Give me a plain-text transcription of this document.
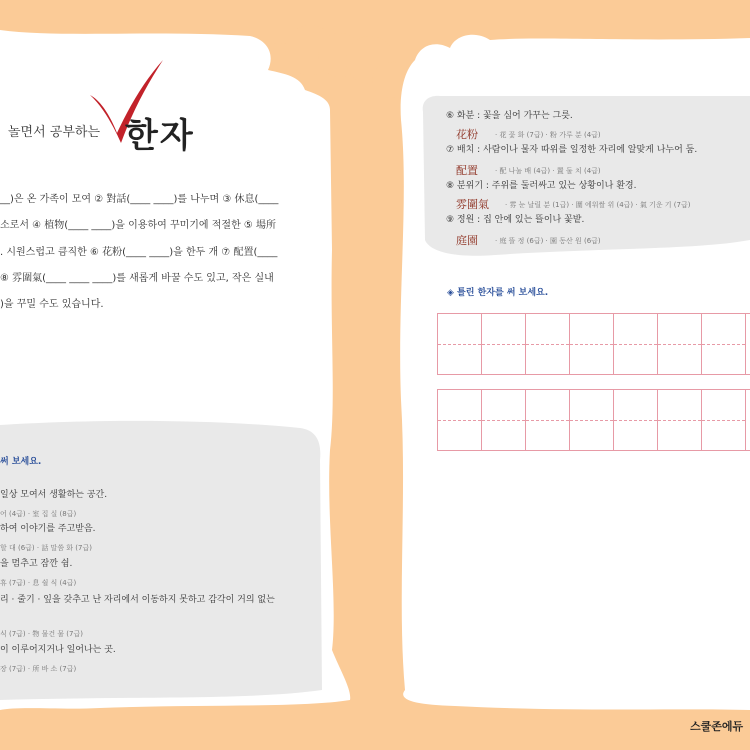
놀면서 공부하는 한자
__)은 온 가족이 모여 ② 對話(____ ____)를 나누며 ③ 休息(____
소로서 ④ 植物(____ ____)을 이용하여 꾸미기에 적절한 ⑤ 場所
. 시원스럽고 큼직한 ⑥ 花粉(____ ____)을 한두 개 ⑦ 配置(____
⑧ 雰圍氣(____ ____ ____)를 새롭게 바꿀 수도 있고, 작은 실내
)을 꾸밀 수도 있습니다.
써 보세요.
일상 모여서 생활하는 공간.
어 (4급) · 室 집 실 (8급)
하여 이야기를 주고받음.
할 대 (6급) · 話 말씀 화 (7급)
을 멈추고 잠깐 쉼.
휴 (7급) · 息 쉴 식 (4급)
리 · 줄기 · 잎을 갖추고 난 자리에서 이동하지 못하고 감각이 거의 없는
식 (7급) · 物 물건 물 (7급)
이 이루어지거나 일어나는 곳.
장 (7급) · 所 바 소 (7급)
⑥ 화분 : 꽃을 심어 가꾸는 그릇.
花粉 · 花 꽃 화 (7급) · 粉 가루 분 (4급)
⑦ 배치 : 사람이나 물자 따위를 일정한 자리에 알맞게 나누어 둠.
配置 · 配 나눌 배 (4급) · 置 둘 치 (4급)
⑧ 분위기 : 주위를 둘러싸고 있는 상황이나 환경.
雰圍氣 · 雰 눈 날릴 분 (1급) · 圍 에워쌀 위 (4급) · 氣 기운 기 (7급)
⑨ 정원 : 집 안에 있는 뜰이나 꽃밭.
庭園 · 庭 뜰 정 (6급) · 園 동산 원 (6급)
◈ 틀린 한자를 써 보세요.
스쿨존에듀
